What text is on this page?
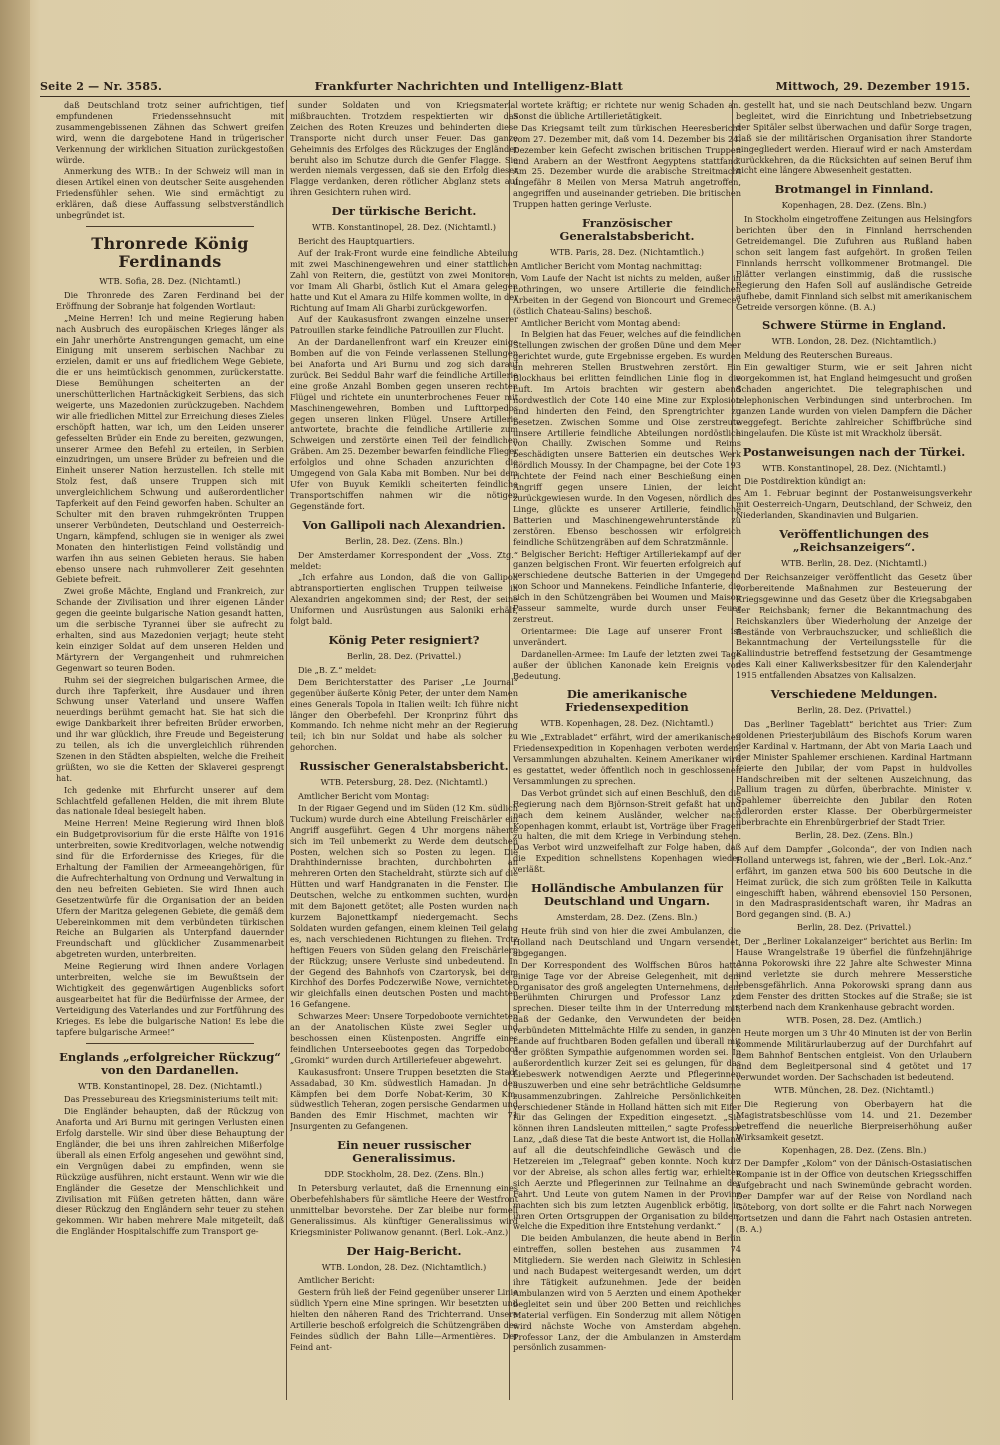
Seite 2 — Nr. 3585.	Frankfurter Nachrichten und Intelligenz-Blatt	Mittwoch, 29. Dezember 1915.

daß Deutschland trotz seiner aufrichtigen, tief empfundenen Friedenssehnsucht mit zusammengebissenen Zähnen das Schwert greifen wird, wenn die dargebotene Hand in trügerischer Verkennung der wirklichen Situation zurückgestoßen würde.

Anmerkung des WTB.: In der Schweiz will man in diesen Artikel einen von deutscher Seite ausgehenden Friedensfühler sehen. Wie sind ermächtigt zu erklären, daß diese Auffassung selbstverständlich unbegründet ist.

Thronrede König Ferdinands

WTB. Sofia, 28. Dez. (Nichtamtl.)

Die Thronrede des Zaren Ferdinand bei der Eröffnung der Sobranje hat folgenden Wortlaut:

„Meine Herren! Ich und meine Regierung haben nach Ausbruch des europäischen Krieges länger als ein Jahr unerhörte Anstrengungen gemacht, um eine Einigung mit unserem serbischen Nachbar zu erzielen, damit er uns auf friedlichem Wege Gebiete, die er uns heimtückisch genommen, zurückerstatte. Diese Bemühungen scheiterten an der unerschütterlichen Hartnäckigkeit Serbiens, das sich weigerte, uns Mazedonien zurückzugeben. Nachdem wir alle friedlichen Mittel zur Erreichung dieses Zieles erschöpft hatten, war ich, um den Leiden unserer gefesselten Brüder ein Ende zu bereiten, gezwungen, unserer Armee den Befehl zu erteilen, in Serbien einzudringen, um unsere Brüder zu befreien und die Einheit unserer Nation herzustellen. Ich stelle mit Stolz fest, daß unsere Truppen sich mit unvergleichlichem Schwung und außerordentlicher Tapferkeit auf den Feind geworfen haben. Schulter an Schulter mit den braven ruhmgekrönten Truppen unserer Verbündeten, Deutschland und Oesterreich-Ungarn, kämpfend, schlugen sie in weniger als zwei Monaten den hinterlistigen Feind vollständig und warfen ihn aus seinen Gebieten heraus. Sie haben ebenso unsere nach ruhmvollerer Zeit gesehnten Gebiete befreit.

Zwei große Mächte, England und Frankreich, zur Schande der Zivilisation und ihrer eigenen Länder gegen die geeinte bulgarische Nation gesandt hatten, um die serbische Tyrannei über sie aufrecht zu erhalten, sind aus Mazedonien verjagt; heute steht kein einziger Soldat auf dem unseren Helden und Märtyrern der Vergangenheit und ruhmreichen Gegenwart so teuren Boden.

Ruhm sei der siegreichen bulgarischen Armee, die durch ihre Tapferkeit, ihre Ausdauer und ihren Schwung unser Vaterland und unsere Waffen neuerdings berühmt gemacht hat. Sie hat sich die ewige Dankbarkeit ihrer befreiten Brüder erworben, und ihr war glücklich, ihre Freude und Begeisterung zu teilen, als ich die unvergleichlich rührenden Szenen in den Städten abspielten, welche die Freiheit grüßten, wo sie die Ketten der Sklaverei gesprengt hat.

Ich gedenke mit Ehrfurcht unserer auf dem Schlachtfeld gefallenen Helden, die mit ihrem Blute das nationale Ideal besiegelt haben.

Meine Herren! Meine Regierung wird Ihnen bloß ein Budgetprovisorium für die erste Hälfte von 1916 unterbreiten, sowie Kreditvorlagen, welche notwendig sind für die Erfordernisse des Krieges, für die Erhaltung der Familien der Armeeangehörigen, für die Aufrechterhaltung von Ordnung und Verwaltung in den neu befreiten Gebieten. Sie wird Ihnen auch Gesetzentwürfe für die Organisation der an beiden Ufern der Maritza gelegenen Gebiete, die gemäß dem Uebereinkommen mit dem verbündeten türkischen Reiche an Bulgarien als Unterpfand dauernder Freundschaft und glücklicher Zusammenarbeit abgetreten wurden, unterbreiten.

Meine Regierung wird Ihnen andere Vorlagen unterbreiten, welche sie im Bewußtsein der Wichtigkeit des gegenwärtigen Augenblicks sofort ausgearbeitet hat für die Bedürfnisse der Armee, der Verteidigung des Vaterlandes und zur Fortführung des Krieges. Es lebe die bulgarische Nation! Es lebe die tapfere bulgarische Armee!“

Englands „erfolgreicher Rückzug“ von den Dardanellen.

WTB. Konstantinopel, 28. Dez. (Nichtamtl.)

Das Pressebureau des Kriegsministeriums teilt mit:

Die Engländer behaupten, daß der Rückzug von Anaforta und Ari Burnu mit geringen Verlusten einen Erfolg darstelle. Wir sind über diese Behauptung der Engländer, die bei uns ihren zahlreichen Mißerfolge überall als einen Erfolg angesehen und gewöhnt sind, ein Vergnügen dabei zu empfinden, wenn sie Rückzüge ausführen, nicht erstaunt. Wenn wir wie die Engländer die Gesetze der Menschlichkeit und Zivilisation mit Füßen getreten hätten, dann wäre dieser Rückzug den Engländern sehr teuer zu stehen gekommen. Wir haben mehrere Male mitgeteilt, daß die Engländer Hospitalschiffe zum Transport ge-

sunder Soldaten und von Kriegsmaterial mißbrauchten. Trotzdem respektierten wir das Zeichen des Roten Kreuzes und behinderten diese Transporte nicht durch unser Feuer. Das ganze Geheimnis des Erfolges des Rückzuges der Engländer beruht also im Schutze durch die Genfer Flagge. Sie werden niemals vergessen, daß sie den Erfolg dieser Flagge verdanken, deren rötlicher Abglanz stets auf ihren Gesichtern ruhen wird.

Der türkische Bericht.

WTB. Konstantinopel, 28. Dez. (Nichtamtl.)

Bericht des Hauptquartiers.

Auf der Irak-Front wurde eine feindliche Abteilung mit zwei Maschinengewehren und einer stattlichen Zahl von Reitern, die, gestützt von zwei Monitoren, vor Imam Ali Gharbi, östlich Kut el Amara gelegen hatte und Kut el Amara zu Hilfe kommen wollte, in der Richtung auf Imam Ali Gharbi zurückgeworfen.

Auf der Kaukasusfront zwangen einzelne unserer Patrouillen starke feindliche Patrouillen zur Flucht.

An der Dardanellenfront warf ein Kreuzer einige Bomben auf die von Feinde verlassenen Stellungen bei Anaforta und Ari Burnu und zog sich darauf zurück. Bei Seddul Bahr warf die feindliche Artillerie eine große Anzahl Bomben gegen unseren rechten Flügel und richtete ein ununterbrochenes Feuer mit Maschinengewehren, Bomben und Lufttorpedos gegen unseren linken Flügel. Unsere Artillerie antwortete, brachte die feindliche Artillerie zum Schweigen und zerstörte einen Teil der feindlichen Gräben. Am 25. Dezember bewarfen feindliche Flieger erfolglos und ohne Schaden anzurichten die Umgegend von Gala Kaba mit Bomben. Nur bei dem Ufer von Buyuk Kemikli scheiterten feindliche Transportschiffen nahmen wir die nötigen Gegenstände fort.

Von Gallipoli nach Alexandrien.

Berlin, 28. Dez. (Zens. Bln.)

Der Amsterdamer Korrespondent der „Voss. Ztg.“ meldet:

„Ich erfahre aus London, daß die von Gallipoli abtransportierten englischen Truppen teilweise in Alexandrien angekommen sind; der Rest, der seine Uniformen und Ausrüstungen aus Saloniki erhält, folgt bald.

König Peter resigniert?

Berlin, 28. Dez. (Privattel.)

Die „B. Z.“ meldet:

Dem Berichterstatter des Pariser „Le Journal“ gegenüber äußerte König Peter, der unter dem Namen eines Generals Topola in Italien weilt: Ich führe nicht länger den Oberbefehl. Der Kronprinz führt das Kommando. Ich nehme nicht mehr an der Regierung teil; ich bin nur Soldat und habe als solcher zu gehorchen.

Russischer Generalstabsbericht.

WTB. Petersburg, 28. Dez. (Nichtamtl.)

Amtlicher Bericht vom Montag:

In der Rigaer Gegend und im Süden (12 Km. südlich Tuckum) wurde durch eine Abteilung Freischärler ein Angriff ausgeführt. Gegen 4 Uhr morgens näherte sich im Teil unbemerkt zu Werde dem deutschen Posten, welchen sich so Posten zu legen. Die Drahthindernisse brachten, durchbohrten an mehreren Orten den Stacheldraht, stürzte sich auf die Hütten und warf Handgranaten in die Fenster. Die Deutschen, welche zu entkommen suchten, wurden mit dem Bajonett getötet; alle Posten wurden nach kurzem Bajonettkampf niedergemacht. Sechs Soldaten wurden gefangen, einem kleinen Teil gelang es, nach verschiedenen Richtungen zu fliehen. Trotz heftigen Feuers von Süden gelang den Freischärlern der Rückzug; unsere Verluste sind unbedeutend. In der Gegend des Bahnhofs von Czartorysk, bei dem Kirchhof des Dorfes Podczerwiße Nowe, vernichteten wir gleichfalls einen deutschen Posten und machten 16 Gefangene.

Schwarzes Meer: Unsere Torpedoboote vernichteten an der Anatolischen Küste zwei Segler und beschossen einen Küstenposten. Angriffe eines feindlichen Unterseebootes gegen das Torpedoboot „Gromki“ wurden durch Artilleriefeuer abgewehrt.

Kaukasusfront: Unsere Truppen besetzten die Stadt Assadabad, 30 Km. südwestlich Hamadan. Jn den Kämpfen bei dem Dorfe Nobat-Kerim, 30 Km. südwestlich Teheran, zogen persische Gendarmen und Banden des Emir Hischmet, machten wir 71 Jnsurgenten zu Gefangenen.

Ein neuer russischer Generalissimus.

DDP. Stockholm, 28. Dez. (Zens. Bln.)

In Petersburg verlautet, daß die Ernennung eines Oberbefehlshabers für sämtliche Heere der Westfront unmittelbar bevorstehe. Der Zar bleibe nur formell Generalissimus. Als künftiger Generalissimus wird Kriegsminister Poliwanow genannt. (Berl. Lok.-Anz.)

Der Haig-Bericht.

WTB. London, 28. Dez. (Nichtamtlich.)

Amtlicher Bericht:

Gestern früh ließ der Feind gegenüber unserer Linie südlich Ypern eine Mine springen. Wir besetzten und hielten den näheren Rand des Trichterrand. Unsere Artillerie beschoß erfolgreich die Schützengräben des Feindes südlich der Bahn Lille—Armentières. Der Feind ant-

wortete kräftig; er richtete nur wenig Schaden an. Sonst die übliche Artillerietätigkeit.

Das Kriegsamt teilt zum türkischen Heeresbericht vom 27. Dezember mit, daß vom 14. Dezember bis 24. Dezember kein Gefecht zwischen britischen Truppen und Arabern an der Westfront Aegyptens stattfand. Am 25. Dezember wurde die arabische Streitmacht ungefähr 8 Meilen von Mersa Matruh angetroffen, angegriffen und auseinander getrieben. Die britischen Truppen hatten geringe Verluste.

Französischer Generalstabsbericht.

WTB. Paris, 28. Dez. (Nichtamtlich.)

Amtlicher Bericht vom Montag nachmittag:

Vom Laufe der Nacht ist nichts zu melden, außer in Lothringen, wo unsere Artillerie die feindlichen Arbeiten in der Gegend von Bioncourt und Gremecey (östlich Chateau-Salins) beschoß.

Amtlicher Bericht vom Montag abend:

In Belgien hat das Feuer, welches auf die feindlichen Stellungen zwischen der großen Düne und dem Meer gerichtet wurde, gute Ergebnisse ergeben. Es wurden an mehreren Stellen Brustwehren zerstört. Ein Blockhaus bei erlitten feindlichen Linie flog in die Luft. Im Artois brachten wir gestern abend nordwestlich der Cote 140 eine Mine zur Explosion und hinderten den Feind, den Sprengtrichter zu besetzen. Zwischen Somme und Oise zerstreute unsere Artillerie feindliche Abteilungen nordöstlich von Chailly. Zwischen Somme und Reims beschädigten unsere Batterien ein deutsches Werk nördlich Moussy. In der Champagne, bei der Cote 193 richtete der Feind nach einer Beschießung einen Angriff gegen unsere Linien, der leicht zurückgewiesen wurde. In den Vogesen, nördlich des Linge, glückte es unserer Artillerie, feindliche Batterien und Maschinengewehrunterstände zu zerstören. Ebenso beschossen wir erfolgreich feindliche Schützengräben auf dem Schratzmännle.

Belgischer Bericht: Heftiger Artilleriekampf auf der ganzen belgischen Front. Wir feuerten erfolgreich auf verschiedene deutsche Batterien in der Umgegend von Schoor und Mannekens. Feindliche Infanterie, die sich in den Schützengräben bei Woumen und Maison Passeur sammelte, wurde durch unser Feuer zerstreut.

Orientarmee: Die Lage auf unserer Front ist unverändert.

Dardanellen-Armee: Im Laufe der letzten zwei Tage außer der üblichen Kanonade kein Ereignis von Bedeutung.

Die amerikanische Friedensexpedition

WTB. Kopenhagen, 28. Dez. (Nichtamtl.)

Wie „Extrabladet“ erfährt, wird der amerikanischen Friedensexpedition in Kopenhagen verboten werden, Versammlungen abzuhalten. Keinem Amerikaner wird es gestattet, weder öffentlich noch in geschlossenen Versammlungen zu sprechen.

Das Verbot gründet sich auf einen Beschluß, den die Regierung nach dem Björnson-Streit gefaßt hat und nach dem keinem Ausländer, welcher nach Kopenhagen kommt, erlaubt ist, Vorträge über Fragen zu halten, die mit dem Kriege in Verbindung stehen. Das Verbot wird unzweifelhaft zur Folge haben, daß die Expedition schnellstens Kopenhagen wieder verläßt.

Holländische Ambulanzen für Deutschland und Ungarn.

Amsterdam, 28. Dez. (Zens. Bln.)

Heute früh sind von hier die zwei Ambulanzen, die Holland nach Deutschland und Ungarn versendet, abgegangen.

Der Korrespondent des Wolffschen Büros hatte einige Tage vor der Abreise Gelegenheit, mit dem Organisator des groß angelegten Unternehmens, dem berühmten Chirurgen und Professor Lanz zu sprechen. Dieser teilte ihm in der Unterredung mit, daß der Gedanke, den Verwundeten der beiden verbündeten Mittelmächte Hilfe zu senden, in ganzen Lande auf fruchtbaren Boden gefallen und überall mit der größten Sympathie aufgenommen worden sei. In außerordentlich kurzer Zeit sei es gelungen, für das Liebeswerk notwendigen Aerzte und Pflegerinnen auszuwerben und eine sehr beträchtliche Geldsumme zusammenzubringen. Zahlreiche Persönlichkeiten verschiedener Stände in Holland hätten sich mit Eifer für das Gelingen der Expedition eingesetzt. „Sie können ihren Landsleuten mitteilen,“ sagte Professor Lanz, „daß diese Tat die beste Antwort ist, die Holland auf all die deutschfeindliche Gewäsch und die Hetzereien im „Telegraaf“ geben konnte. Noch kurz vor der Abreise, als schon alles fertig war, erhielten sich Aerzte und Pflegerinnen zur Teilnahme an der Fahrt. Und Leute von gutem Namen in der Provinz machten sich bis zum letzten Augenblick erbötig, in ihren Orten Ortsgruppen der Organisation zu bilden, welche die Expedition ihre Entstehung verdankt.“

Die beiden Ambulanzen, die heute abend in Berlin eintreffen, sollen bestehen aus zusammen 74 Mitgliedern. Sie werden nach Gleiwitz in Schlesien und nach Budapest weitergesandt werden, um dort ihre Tätigkeit aufzunehmen. Jede der beiden Ambulanzen wird von 5 Aerzten und einem Apotheker begleitet sein und über 200 Betten und reichliches Material verfügen. Ein Sonderzug mit allem Nötigen wird nächste Woche von Amsterdam abgehen. Professor Lanz, der die Ambulanzen in Amsterdam persönlich zusammen-

gestellt hat, und sie nach Deutschland bezw. Ungarn begleitet, wird die Einrichtung und Inbetriebsetzung der Spitäler selbst überwachen und dafür Sorge tragen, daß sie der militärischen Organisation ihrer Standorte eingegliedert werden. Hierauf wird er nach Amsterdam zurückkehren, da die Rücksichten auf seinen Beruf ihm nicht eine längere Abwesenheit gestatten.

Brotmangel in Finnland.

Kopenhagen, 28. Dez. (Zens. Bln.)

In Stockholm eingetroffene Zeitungen aus Helsingfors berichten über den in Finnland herrschenden Getreidemangel. Die Zufuhren aus Rußland haben schon seit langem fast aufgehört. In großen Teilen Finnlands herrscht vollkommener Brotmangel. Die Blätter verlangen einstimmig, daß die russische Regierung den Hafen Soll auf ausländische Getreide aufhebe, damit Finnland sich selbst mit amerikanischem Getreide versorgen könne. (B. A.)

Schwere Stürme in England.

WTB. London, 28. Dez. (Nichtamtlich.)

Meldung des Reuterschen Bureaus.

Ein gewaltiger Sturm, wie er seit Jahren nicht vorgekommen ist, hat England heimgesucht und großen Schaden angerichtet. Die telegraphischen und telephonischen Verbindungen sind unterbrochen. Im ganzen Lande wurden von vielen Dampfern die Dächer weggefegt. Berichte zahlreicher Schiffbrüche sind eingelaufen. Die Küste ist mit Wrackholz übersät.

Postanweisungen nach der Türkei.

WTB. Konstantinopel, 28. Dez. (Nichtamtl.)

Die Postdirektion kündigt an:

Am 1. Februar beginnt der Postanweisungsverkehr mit Oesterreich-Ungarn, Deutschland, der Schweiz, den Niederlanden, Skandinavien und Bulgarien.

Veröffentlichungen des „Reichsanzeigers“.

WTB. Berlin, 28. Dez. (Nichtamtl.)

Der Reichsanzeiger veröffentlicht das Gesetz über vorbereitende Maßnahmen zur Besteuerung der Kriegsgewinne und das Gesetz über die Kriegsabgaben der Reichsbank; ferner die Bekanntmachung des Reichskanzlers über Wiederholung der Anzeige der Bestände von Verbrauchszucker, und schließlich die Bekanntmachung der Verteilungsstelle für die Kaliindustrie betreffend festsetzung der Gesamtmenge des Kali einer Kaliwerksbesitzer für den Kalenderjahr 1915 entfallenden Absatzes von Kalisalzen.

Verschiedene Meldungen.

Berlin, 28. Dez. (Privattel.)

Das „Berliner Tageblatt“ berichtet aus Trier: Zum goldenen Priesterjubiläum des Bischofs Korum waren der Kardinal v. Hartmann, der Abt von Maria Laach und der Minister Spahlemer erschienen. Kardinal Hartmann feierte den Jubilar, der vom Papst in huldvolles Handschreiben mit der seltenen Auszeichnung, das Pallium tragen zu dürfen, überbrachte. Minister v. Spahlemer überreichte den Jubilar den Roten Adlerorden erster Klasse. Der Oberbürgermeister überbrachte ein Ehrenbürgerbrief der Stadt Trier.

Berlin, 28. Dez. (Zens. Bln.)

Auf dem Dampfer „Golconda“, der von Indien nach Holland unterwegs ist, fahren, wie der „Berl. Lok.-Anz.“ erfährt, im ganzen etwa 500 bis 600 Deutsche in die Heimat zurück, die sich zum größten Teile in Kalkutta eingeschifft haben, während ebensoviel 150 Personen, in den Madrasprasidentschaft waren, ihr Madras an Bord gegangen sind. (B. A.)

Berlin, 28. Dez. (Privattel.)

Der „Berliner Lokalanzeiger“ berichtet aus Berlin: Im Hause Wrangelstraße 19 überfiel die fünfzehnjährige Anna Pokorowski ihre 22 Jahre alte Schwester Minna und verletzte sie durch mehrere Messerstiche lebensgefährlich. Anna Pokorowski sprang dann aus dem Fenster des dritten Stockes auf die Straße; sie ist sterbend nach dem Krankenhause gebracht worden.

WTB. Posen, 28. Dez. (Amtlich.)

Heute morgen um 3 Uhr 40 Minuten ist der von Berlin kommende Militärurlauberzug auf der Durchfahrt auf dem Bahnhof Bentschen entgleist. Von den Urlaubern und dem Begleitpersonal sind 4 getötet und 17 verwundet worden. Der Sachschaden ist bedeutend.

WTB. München, 28. Dez. (Nichtamtl.)

Die Regierung von Oberbayern hat die Magistratsbeschlüsse vom 14. und 21. Dezember betreffend die neuerliche Bierpreiserhöhung außer Wirksamkeit gesetzt.

Kopenhagen, 28. Dez. (Zens. Bln.)

Der Dampfer „Kolom“ von der Dänisch-Ostasiatischen Kompanie ist in der Office von deutschen Kriegsschiffen aufgebracht und nach Swinemünde gebracht worden. Der Dampfer war auf der Reise von Nordland nach Göteborg, von dort sollte er die Fahrt nach Norwegen fortsetzen und dann die Fahrt nach Ostasien antreten. (B. A.)
